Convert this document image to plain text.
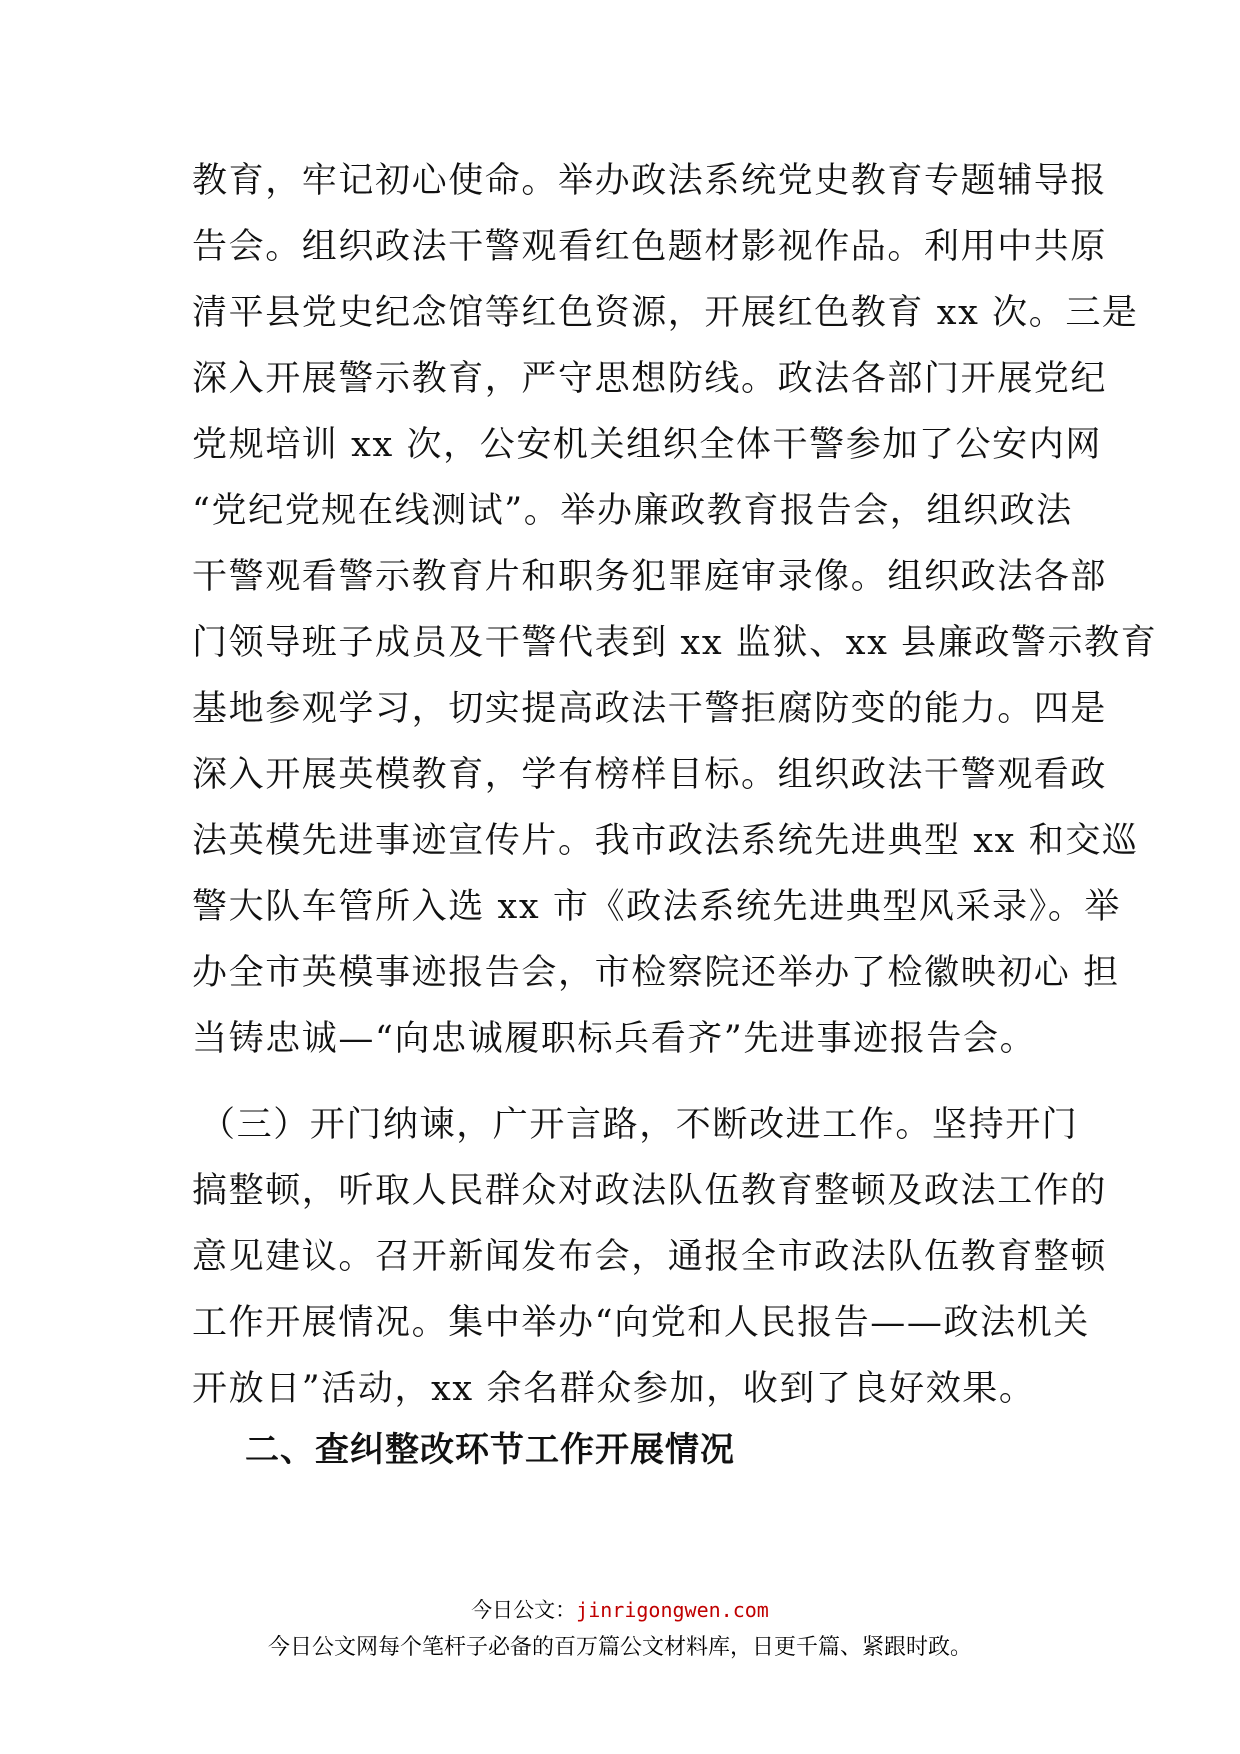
教育，牢记初心使命。举办政法系统党史教育专题辅导报
告会。组织政法干警观看红色题材影视作品。利用中共原
清平县党史纪念馆等红色资源，开展红色教育 xx 次。三是
深入开展警示教育，严守思想防线。政法各部门开展党纪
党规培训 xx 次，公安机关组织全体干警参加了公安内网
“党纪党规在线测试”。举办廉政教育报告会，组织政法
干警观看警示教育片和职务犯罪庭审录像。组织政法各部
门领导班子成员及干警代表到 xx 监狱、xx 县廉政警示教育
基地参观学习，切实提高政法干警拒腐防变的能力。四是
深入开展英模教育，学有榜样目标。组织政法干警观看政
法英模先进事迹宣传片。我市政法系统先进典型 xx 和交巡
警大队车管所入选 xx 市《政法系统先进典型风采录》。举
办全市英模事迹报告会，市检察院还举办了检徽映初心 担
当铸忠诚—“向忠诚履职标兵看齐”先进事迹报告会。
（三）开门纳谏，广开言路，不断改进工作。坚持开门
搞整顿，听取人民群众对政法队伍教育整顿及政法工作的
意见建议。召开新闻发布会，通报全市政法队伍教育整顿
工作开展情况。集中举办“向党和人民报告——政法机关
开放日”活动，xx 余名群众参加，收到了良好效果。
二、查纠整改环节工作开展情况
今日公文：jinrigongwen.com
今日公文网每个笔杆子必备的百万篇公文材料库，日更千篇、紧跟时政。
